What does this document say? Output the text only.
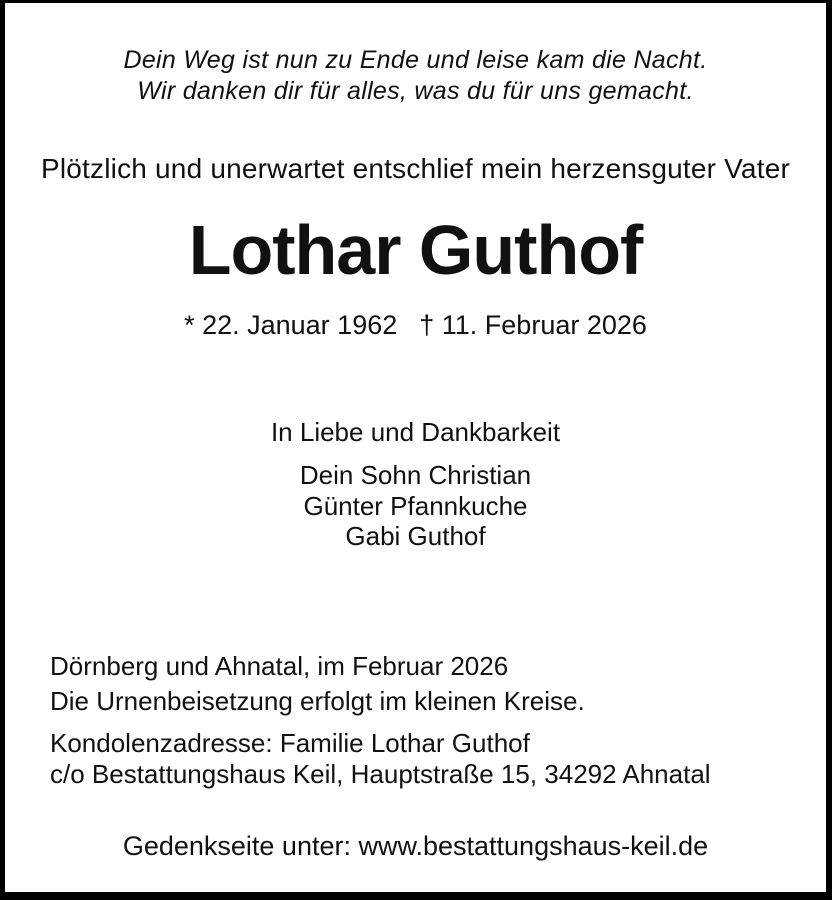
Dein Weg ist nun zu Ende und leise kam die Nacht.
Wir danken dir für alles, was du für uns gemacht.
Plötzlich und unerwartet entschlief mein herzensguter Vater
Lothar Guthof
* 22. Januar 1962 † 11. Februar 2026
In Liebe und Dankbarkeit
Dein Sohn Christian
Günter Pfannkuche
Gabi Guthof

Dörnberg und Ahnatal, im Februar 2026

Die Urnenbeisetzung erfolgt im kleinen Kreise.

Kondolenzadresse: Familie Lothar Guthof

c/o Bestattungshaus Keil, Hauptstraße 15, 34292 Ahnatal

Gedenkseite unter: www.bestattungshaus-keil.de
